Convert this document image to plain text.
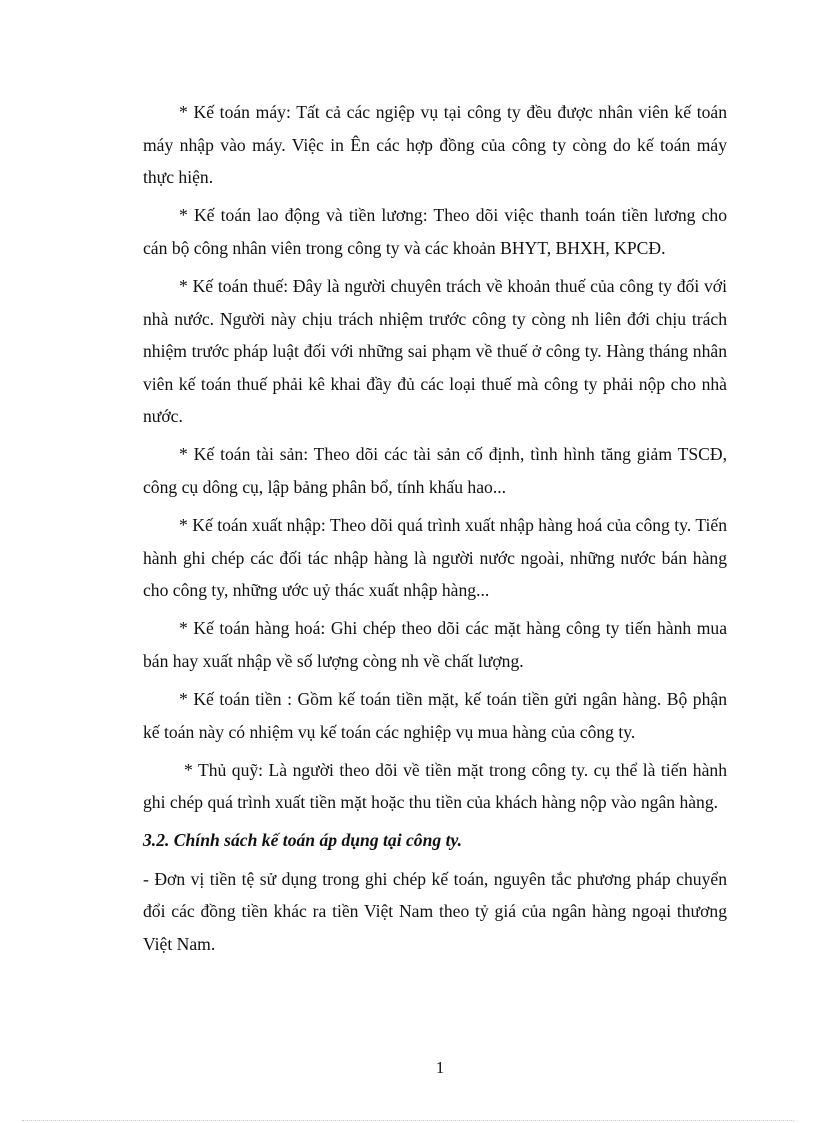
* Kế toán máy: Tất cả các ngiệp vụ tại công ty đều được nhân viên kế toán máy nhập vào máy. Việc in Ên các hợp đồng của công ty còng do kế toán máy thực hiện.

* Kế toán lao động và tiền lương: Theo dõi việc thanh toán tiền lương cho cán bộ công nhân viên trong công ty và các khoản BHYT, BHXH, KPCĐ.

* Kế toán thuế: Đây là người chuyên trách về khoản thuế của công ty đối với nhà nước. Người này chịu trách nhiệm trước công ty còng nh liên đới chịu trách nhiệm trước pháp luật đối với những sai phạm về thuế ở công ty. Hàng tháng nhân viên kế toán thuế phải kê khai đầy đủ các loại thuế mà công ty phải nộp cho nhà nước.

* Kế toán tài sản: Theo dõi các tài sản cố định, tình hình tăng giảm TSCĐ, công cụ dông cụ, lập bảng phân bổ, tính khấu hao...

* Kế toán xuất nhập: Theo dõi quá trình xuất nhập hàng hoá của công ty. Tiến hành ghi chép các đối tác nhập hàng là người nước ngoài, những nước bán hàng cho công ty, những ước uỷ thác xuất nhập hàng...

* Kế toán hàng hoá: Ghi chép theo dõi các mặt hàng công ty tiến hành mua bán hay xuất nhập về số lượng còng nh về chất lượng.

* Kế toán tiền : Gồm kế toán tiền mặt, kế toán tiền gửi ngân hàng. Bộ phận kế toán này có nhiệm vụ kế toán các nghiệp vụ mua hàng của công ty.

* Thủ quỹ: Là người theo dõi về tiền mặt trong công ty. cụ thể là tiến hành ghi chép quá trình xuất tiền mặt hoặc thu tiền của khách hàng nộp vào ngân hàng.

3.2. Chính sách kế toán áp dụng tại công ty.

- Đơn vị tiền tệ sử dụng trong ghi chép kế toán, nguyên tắc phương pháp chuyển đổi các đồng tiền khác ra tiền Việt Nam theo tỷ giá của ngân hàng ngoại thương Việt Nam.

1
